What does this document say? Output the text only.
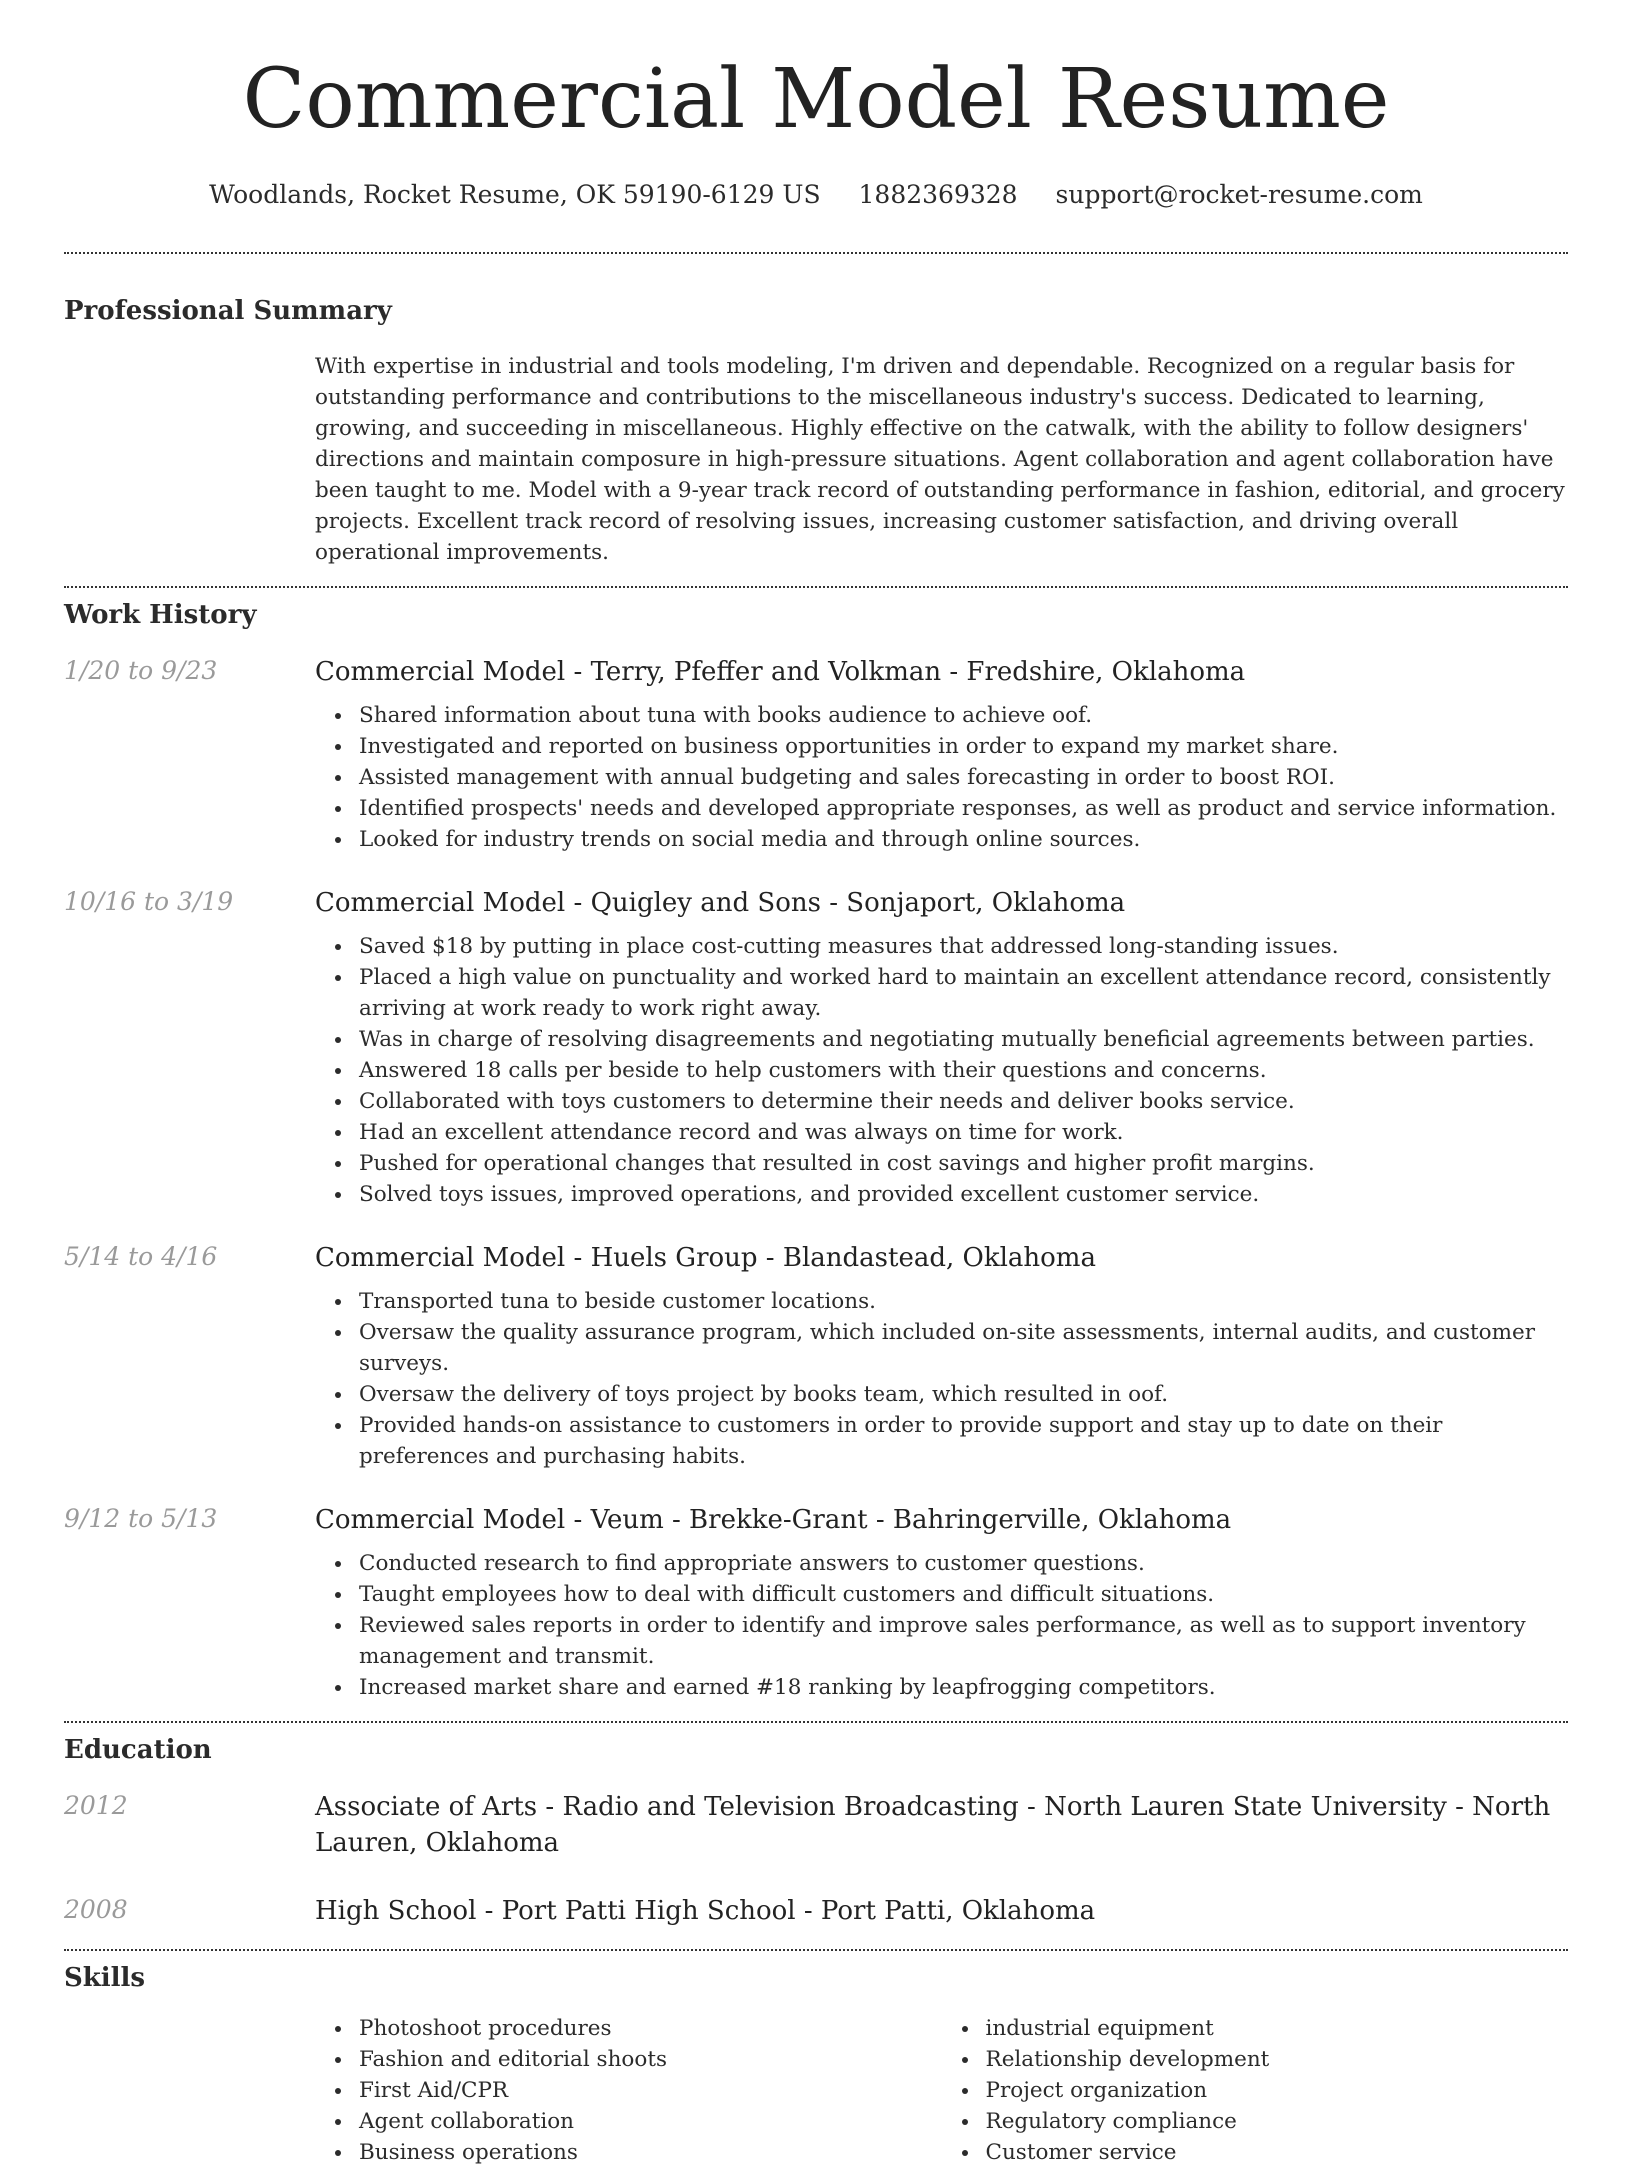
Commercial Model Resume
Woodlands, Rocket Resume, OK 59190-6129 US 1882369328 support@rocket-resume.com
Professional Summary

With expertise in industrial and tools modeling, I'm driven and dependable. Recognized on a regular basis for outstanding performance and contributions to the miscellaneous industry's success. Dedicated to learning, growing, and succeeding in miscellaneous. Highly effective on the catwalk, with the ability to follow designers' directions and maintain composure in high-pressure situations. Agent collaboration and agent collaboration have been taught to me. Model with a 9-year track record of outstanding performance in fashion, editorial, and grocery projects. Excellent track record of resolving issues, increasing customer satisfaction, and driving overall operational improvements.

Work History
1/20 to 9/23	Commercial Model - Terry, Pfeffer and Volkman - Fredshire, Oklahoma
Shared information about tuna with books audience to achieve oof.
Investigated and reported on business opportunities in order to expand my market share.
Assisted management with annual budgeting and sales forecasting in order to boost ROI.
Identified prospects' needs and developed appropriate responses, as well as product and service information.
Looked for industry trends on social media and through online sources.
10/16 to 3/19	Commercial Model - Quigley and Sons - Sonjaport, Oklahoma
Saved $18 by putting in place cost-cutting measures that addressed long-standing issues.
Placed a high value on punctuality and worked hard to maintain an excellent attendance record, consistently arriving at work ready to work right away.
Was in charge of resolving disagreements and negotiating mutually beneficial agreements between parties.
Answered 18 calls per beside to help customers with their questions and concerns.
Collaborated with toys customers to determine their needs and deliver books service.
Had an excellent attendance record and was always on time for work.
Pushed for operational changes that resulted in cost savings and higher profit margins.
Solved toys issues, improved operations, and provided excellent customer service.
5/14 to 4/16	Commercial Model - Huels Group - Blandastead, Oklahoma
Transported tuna to beside customer locations.
Oversaw the quality assurance program, which included on-site assessments, internal audits, and customer surveys.
Oversaw the delivery of toys project by books team, which resulted in oof.
Provided hands-on assistance to customers in order to provide support and stay up to date on their preferences and purchasing habits.
9/12 to 5/13	Commercial Model - Veum - Brekke-Grant - Bahringerville, Oklahoma
Conducted research to find appropriate answers to customer questions.
Taught employees how to deal with difficult customers and difficult situations.
Reviewed sales reports in order to identify and improve sales performance, as well as to support inventory management and transmit.
Increased market share and earned #18 ranking by leapfrogging competitors.
Education
2012	Associate of Arts - Radio and Television Broadcasting - North Lauren State University - North Lauren, Oklahoma
2008	High School - Port Patti High School - Port Patti, Oklahoma
Skills
Photoshoot procedures
Fashion and editorial shoots
First Aid/CPR
Agent collaboration
Business operations
industrial equipment
Relationship development
Project organization
Regulatory compliance
Customer service
